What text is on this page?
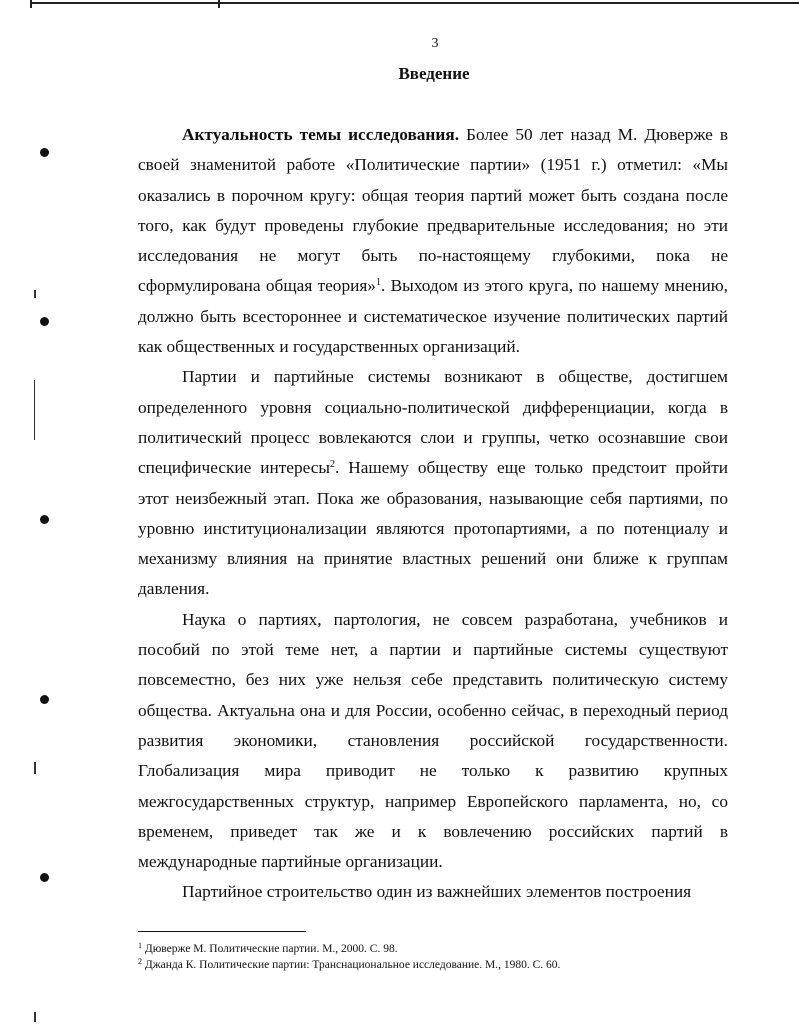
3
Введение

Актуальность темы исследования. Более 50 лет назад М. Дюверже в своей знаменитой работе «Политические партии» (1951 г.) отметил: «Мы оказались в порочном кругу: общая теория партий может быть создана после того, как будут проведены глубокие предварительные исследования; но эти исследования не могут быть по-настоящему глубокими, пока не сформулирована общая теория»$^1$. Выходом из этого круга, по нашему мнению, должно быть всестороннее и систематическое изучение политических партий как общественных и государственных организаций.

Партии и партийные системы возникают в обществе, достигшем определенного уровня социально-политической дифференциации, когда в политический процесс вовлекаются слои и группы, четко осознавшие свои специфические интересы$^2$. Нашему обществу еще только предстоит пройти этот неизбежный этап. Пока же образования, называющие себя партиями, по уровню институционализации являются протопартиями, а по потенциалу и механизму влияния на принятие властных решений они ближе к группам давления.

Наука о партиях, партология, не совсем разработана, учебников и пособий по этой теме нет, а партии и партийные системы существуют повсеместно, без них уже нельзя себе представить политическую систему общества. Актуальна она и для России, особенно сейчас, в переходный период развития экономики, становления российской государственности. Глобализация мира приводит не только к развитию крупных межгосударственных структур, например Европейского парламента, но, со временем, приведет так же и к вовлечению российских партий в международные партийные организации.

Партийное строительство один из важнейших элементов построения

$^1$ Дюверже М. Политические партии. М., 2000. С. 98.

$^2$ Джанда К. Политические партии: Транснациональное исследование. М., 1980. С. 60.
